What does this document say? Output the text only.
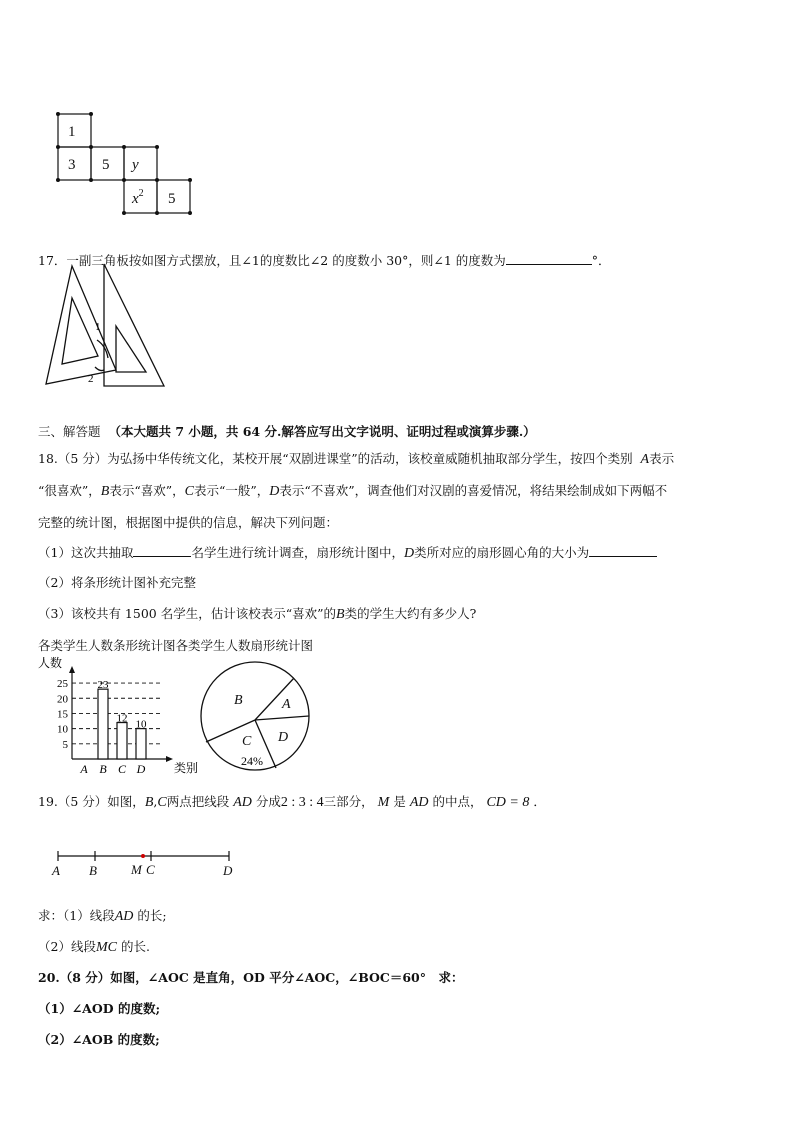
1
3 5 y
$x^2$ 5
17．一副三角板按如图方式摆放，且∠1的度数比∠2 的度数小 30°，则∠1 的度数为	°．
1
2
三、解答题 （本大题共 7 小题，共 64 分.解答应写出文字说明、证明过程或演算步骤.）
18.（5 分）为弘扬中华传统文化，某校开展“双剧进课堂”的活动，该校童威随机抽取部分学生，按四个类别 A表示
“很喜欢”，B表示“喜欢”，C表示“一般”，D表示“不喜欢”，调查他们对汉剧的喜爱情况，将结果绘制成如下两幅不
完整的统计图，根据图中提供的信息，解决下列问题：
（1）这次共抽取	名学生进行统计调查，扇形统计图中，D类所对应的扇形圆心角的大小为
（2）将条形统计图补充完整
（3）该校共有 1500 名学生，估计该校表示“喜欢”的B类的学生大约有多少人?
各类学生人数条形统计图各类学生人数扇形统计图
人数
类别
5
10
15
20
25
A
23
B
12
C
10
D
B	A
D
C
24%
19.（5 分）如图，B,C两点把线段 AD 分成2 : 3 : 4三部分， M 是 AD 的中点， CD = 8 ．
A B	M C	D
求：（1）线段AD 的长;
（2）线段MC 的长.
20.（8 分）如图，∠AOC 是直角，OD 平分∠AOC，∠BOC＝60°　求：
（1）∠AOD 的度数;
（2）∠AOB 的度数;
